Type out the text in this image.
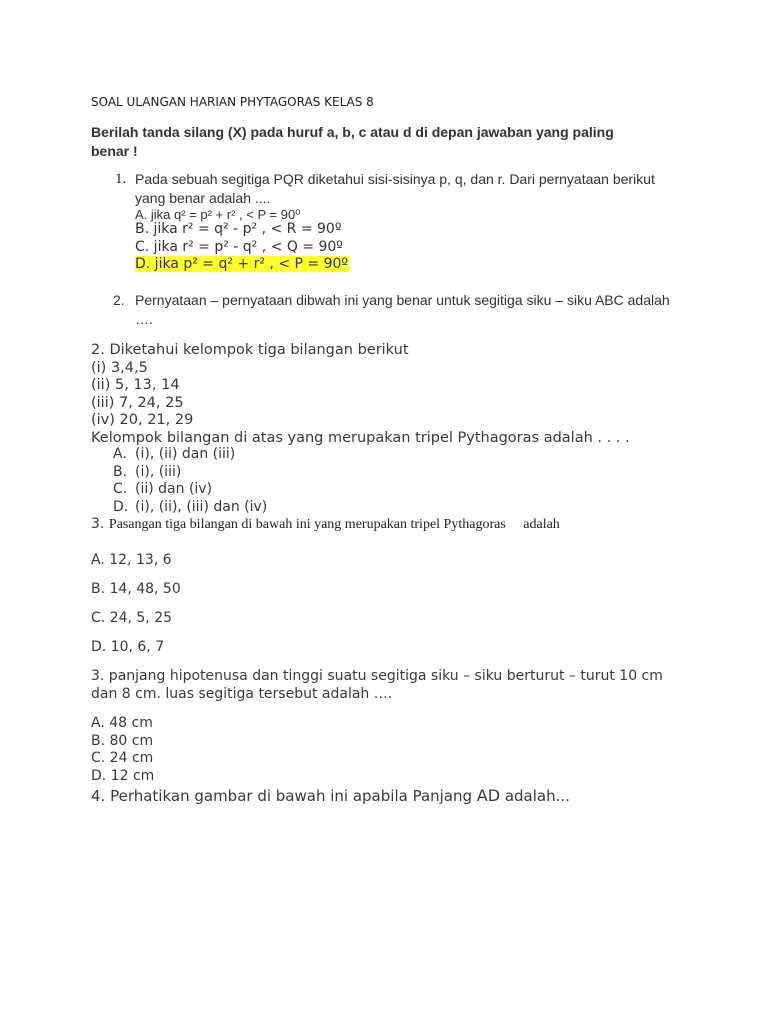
SOAL ULANGAN HARIAN PHYTAGORAS KELAS 8
Berilah tanda silang (X) pada huruf a, b, c atau d di depan jawaban yang paling benar !
1. Pada sebuah segitiga PQR diketahui sisi-sisinya p, q, dan r. Dari pernyataan berikut yang benar adalah ....
A. jika q² = p² + r² , < P = 90⁰
B. jika r² = q² - p² , < R = 90º
C. jika r² = p² - q² , < Q = 90º
D. jika p² = q² + r² , < P = 90º
2. Pernyataan – pernyataan dibwah ini yang benar untuk segitiga siku – siku ABC adalah ….
2. Diketahui kelompok tiga bilangan berikut
(i) 3,4,5
(ii) 5, 13, 14
(iii) 7, 24, 25
(iv) 20, 21, 29
Kelompok bilangan di atas yang merupakan tripel Pythagoras adalah . . . .
A. (i), (ii) dan (iii)
B. (i), (iii)
C. (ii) dan (iv)
D. (i), (ii), (iii) dan (iv)
3. Pasangan tiga bilangan di bawah ini yang merupakan tripel Pythagoras     adalah
A. 12, 13, 6
B. 14, 48, 50
C. 24, 5, 25
D. 10, 6, 7
3. panjang hipotenusa dan tinggi suatu segitiga siku – siku berturut – turut 10 cm dan 8 cm. luas segitiga tersebut adalah ….
A. 48 cm
B. 80 cm
C. 24 cm
D. 12 cm
4. Perhatikan gambar di bawah ini apabila Panjang AD adalah...
